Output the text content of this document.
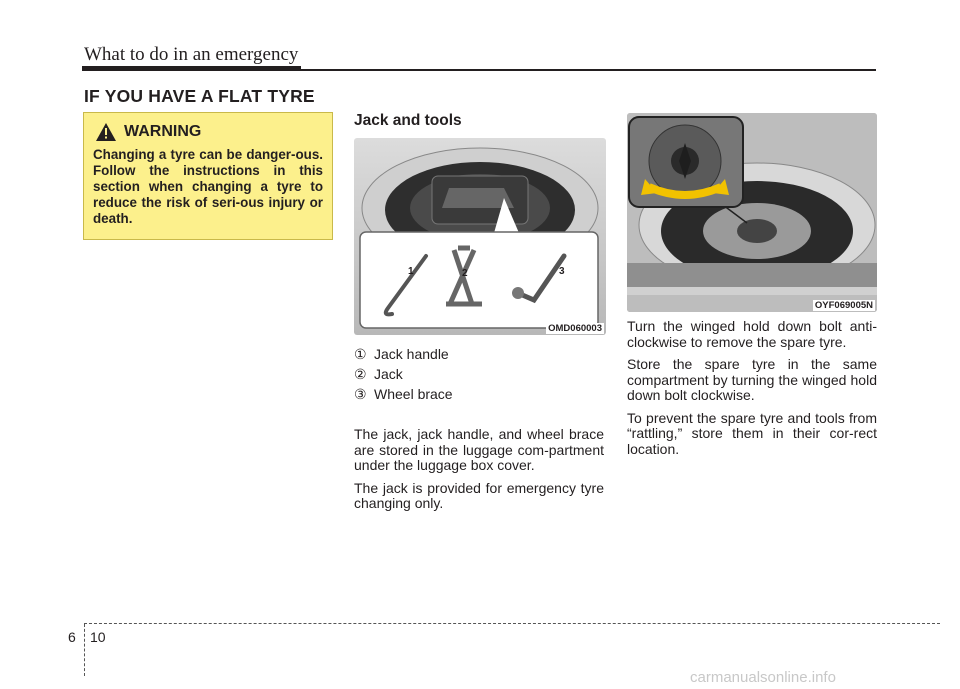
What to do in an emergency
IF YOU HAVE A FLAT TYRE
WARNING
Changing a tyre can be danger-ous. Follow the instructions in this section when changing a tyre to reduce the risk of seri-ous injury or death.
Jack and tools
1	2	3
OMD060003
① Jack handle
② Jack
③ Wheel brace

The jack, jack handle, and wheel brace are stored in the luggage com-partment under the luggage box cover.

The jack is provided for emergency tyre changing only.

OYF069005N

Turn the winged hold down bolt anti-clockwise to remove the spare tyre.

Store the spare tyre in the same compartment by turning the winged hold down bolt clockwise.

To prevent the spare tyre and tools from “rattling,” store them in their cor-rect location.

6 10
carmanualsonline.info
